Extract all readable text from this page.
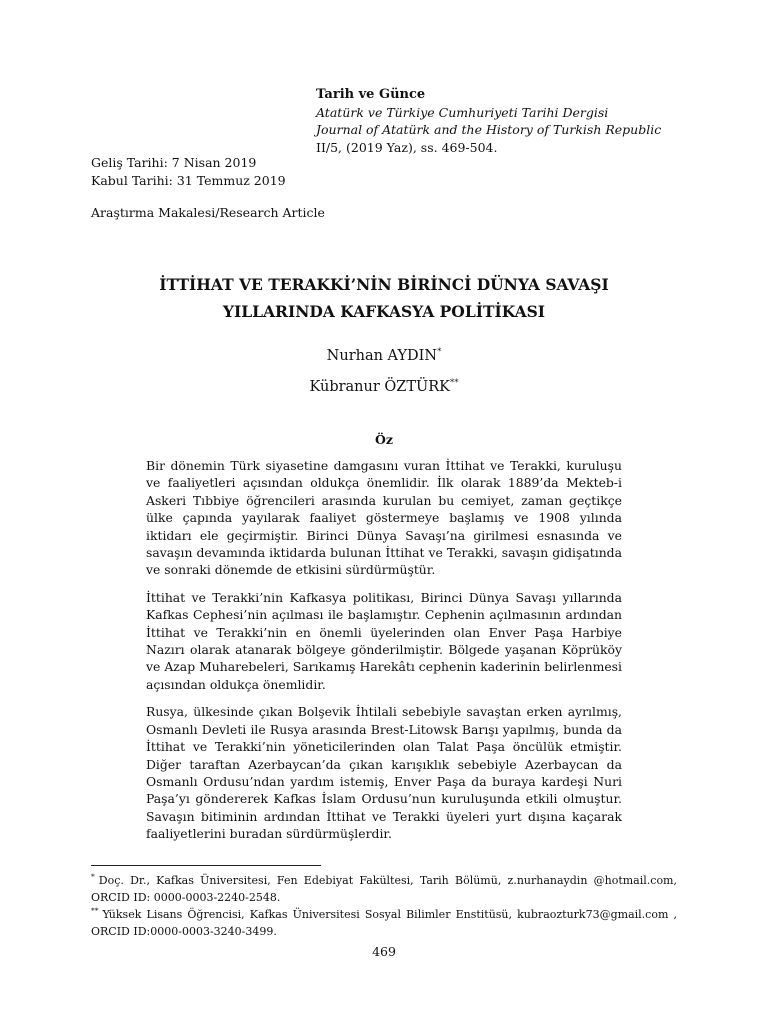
Tarih ve Günce
Atatürk ve Türkiye Cumhuriyeti Tarihi Dergisi
Journal of Atatürk and the History of Turkish Republic
II/5, (2019 Yaz), ss. 469-504.
Geliş Tarihi: 7 Nisan 2019
Kabul Tarihi: 31 Temmuz 2019
Araştırma Makalesi/Research Article
İTTİHAT VE TERAKKİ’NİN BİRİNCİ DÜNYA SAVAŞI
YILLARINDA KAFKASYA POLİTİKASI
Nurhan AYDIN*
Kübranur ÖZTÜRK**
Öz

Bir dönemin Türk siyasetine damgasını vuran İttihat ve Terakki, kuruluşu ve faaliyetleri açısından oldukça önemlidir. İlk olarak 1889’da Mekteb-i Askeri Tıbbiye öğrencileri arasında kurulan bu cemiyet, zaman geçtikçe ülke çapında yayılarak faaliyet göstermeye başlamış ve 1908 yılında iktidarı ele geçirmiştir. Birinci Dünya Savaşı’na girilmesi esnasında ve savaşın devamında iktidarda bulunan İttihat ve Terakki, savaşın gidişatında ve sonraki dönemde de etkisini sürdürmüştür.

İttihat ve Terakki’nin Kafkasya politikası, Birinci Dünya Savaşı yıllarında Kafkas Cephesi’nin açılması ile başlamıştır. Cephenin açılmasının ardından İttihat ve Terakki’nin en önemli üyelerinden olan Enver Paşa Harbiye Nazırı olarak atanarak bölgeye gönderilmiştir. Bölgede yaşanan Köprüköy ve Azap Muharebeleri, Sarıkamış Harekâtı cephenin kaderinin belirlenmesi açısından oldukça önemlidir.

Rusya, ülkesinde çıkan Bolşevik İhtilali sebebiyle savaştan erken ayrılmış, Osmanlı Devleti ile Rusya arasında Brest-Litowsk Barışı yapılmış, bunda da İttihat ve Terakki’nin yöneticilerinden olan Talat Paşa öncülük etmiştir. Diğer taraftan Azerbaycan’da çıkan karışıklık sebebiyle Azerbaycan da Osmanlı Ordusu’ndan yardım istemiş, Enver Paşa da buraya kardeşi Nuri Paşa’yı göndererek Kafkas İslam Ordusu’nun kuruluşunda etkili olmuştur. Savaşın bitiminin ardından İttihat ve Terakki üyeleri yurt dışına kaçarak faaliyetlerini buradan sürdürmüşlerdir.

* Doç. Dr., Kafkas Üniversitesi, Fen Edebiyat Fakültesi, Tarih Bölümü, z.nurhanaydin @hotmail.com, ORCID ID: 0000-0003-2240-2548.

** Yüksek Lisans Öğrencisi, Kafkas Üniversitesi Sosyal Bilimler Enstitüsü, kubraozturk73@gmail.com , ORCID ID:0000-0003-3240-3499.

469
